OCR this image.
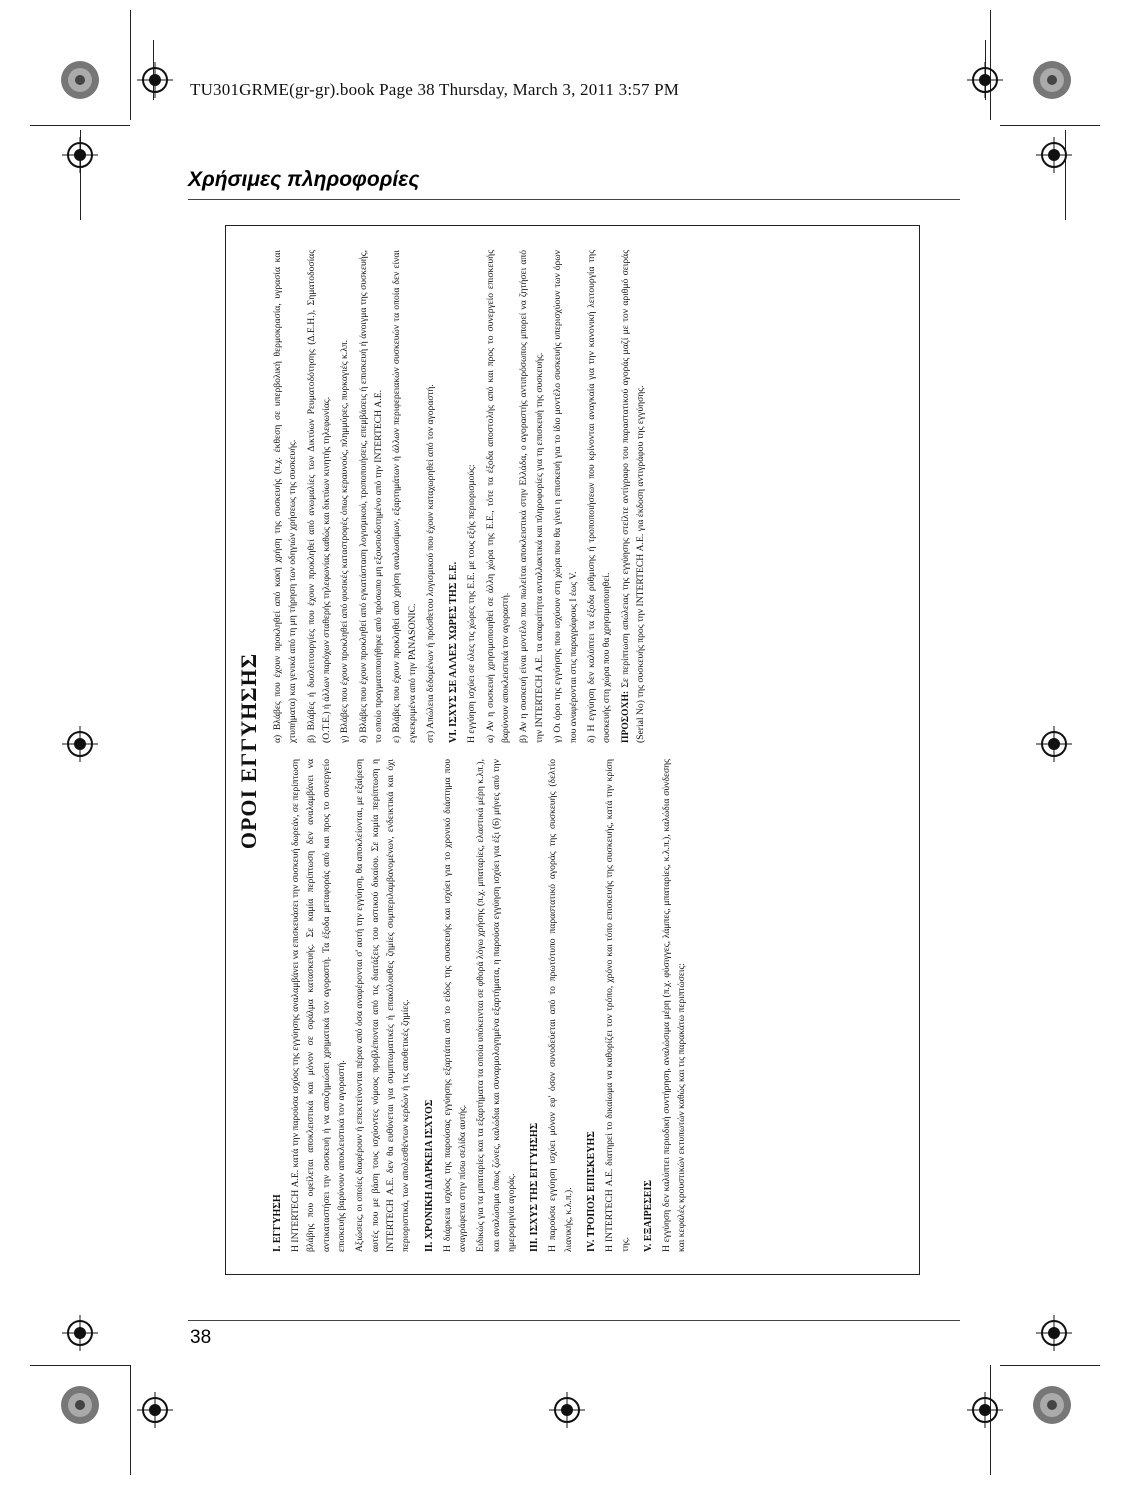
TU301GRME(gr-gr).book Page 38 Thursday, March 3, 2011 3:57 PM
Χρήσιμες πληροφορίες
ΟΡΟΙ ΕΓΓΥΗΣΗΣ
I. ΕΓΓΥΗΣΗ Η INTERTECH Α.Ε. κατά την παρούσα ισχύος της εγγύησης αναλαμβάνει να επισκευάσει την συσκευή δωρεάν, σε περίπτωση βλάβης που οφείλεται αποκλειστικά και μόνον σε σφάλμα κατασκευής. Σε καμία περίπτωση δεν αναλαμβάνει να αντικαταστήσει την συσκευή ή να αποζημιώσει χρηματικά τον αγοραστή. Τα έξοδα μεταφοράς από και προς το συνεργείο επισκευής βαρύνουν αποκλειστικά τον αγοραστή. Αξιώσεις, οι οποίες διαφέρουν ή επεκτείνονται πέραν από όσα αναφέρονται σ' αυτή την εγγύηση, θα αποκλείονται, με εξαίρεση αυτές που με βάση τους ισχύοντες νόμους προβλέπονται από τις διατάξεις του αστικού δικαίου. Σε καμία περίπτωση η INTERTECH Α.Ε. δεν θα ευθύνεται για συμπτωματικές ή επακόλουθες ζημίες συμπεριλαμβανομένων, ενδεικτικά και όχι περιοριστικά, των απολεσθέντων κερδών ή τις αποθετικές ζημίες. II. ΧΡΟΝΙΚΗ ΔΙΑΡΚΕΙΑ ΙΣΧΥΟΣ Η διάρκεια ισχύος της παρούσας εγγύησης εξαρτάται από το είδος της συσκευής και ισχύει για το χρονικό διάστημα που αναγράφεται στην πίσω σελίδα αυτής. Ειδικώς για τα μπαταρίες και τα εξαρτήματα τα οποία υπόκεινται σε φθορά λόγω χρήσης (π.χ. μπαταρίες, ελαστικά μέρη κ.λπ.), και αναλώσιμα όπως ζώνες, καλώδια και συναρμολογημένα εξαρτήματα, η παρούσα εγγύηση ισχύει για έξι (6) μήνες από την ημερομηνία αγοράς. III. ΙΣΧΥΣ ΤΗΣ ΕΓΓΥΗΣΗΣ Η παρούσα εγγύηση ισχύει μόνον εφ' όσον συνοδεύεται από το πρωτότυπο παραστατικό αγοράς της συσκευής (δελτίο λιανικής, κ.λ.π.). IV. ΤΡΟΠΟΣ ΕΠΙΣΚΕΥΗΣ Η INTERTECH Α.Ε. διατηρεί το δικαίωμα να καθορίζει τον τρόπο, χρόνο και τόπο επισκευής της συσκευής, κατά την κρίση της. V. ΕΞΑΙΡΕΣΕΙΣ Η εγγύηση δεν καλύπτει περιοδική συντήρηση, αναλώσιμα μέρη (π.χ. φύσιγγες, λάμπες, μπαταρίες, κ.λ.π.), καλώδια σύνδεσης και κεφαλές κρουστικών εκτυπωτών καθώς και τις παρακάτω περιπτώσεις:

α) Βλάβες που έχουν προκληθεί από κακή χρήση της συσκευής (π.χ. έκθεση σε υπερβολική θερμοκρασία, υγρασία και χτυπήματα) και γενικά από τη μη τήρηση των οδηγιών χρήσεως της συσκευής. β) Βλάβες ή δυσλειτουργίες που έχουν προκληθεί από ανωμαλίες των Δικτύων Ρευματοδότησης (Δ.Ε.Η.), Σηματοδοσίας (Ο.Τ.Ε.) ή άλλων παρόχων σταθερής τηλεφωνίας καθώς και δικτύων κινητής τηλεφωνίας. γ) Βλάβες που έχουν προκληθεί από φυσικές καταστροφές όπως κεραυνούς, πλημμύρες, πυρκαγιές κ.λπ. δ) Βλάβες που έχουν προκληθεί από εγκατάσταση λογισμικού, τροποποιήσεις, επεμβάσεις ή επισκευή ή άνοιγμα της συσκευής, το οποίο πραγματοποιήθηκε από πρόσωπο μη εξουσιοδοτημένο από την INTERTECH Α.Ε. ε) Βλάβες που έχουν προκληθεί από χρήση αναλωσίμων, εξαρτημάτων ή άλλων περιφερειακών συσκευών τα οποία δεν είναι εγκεκριμένα από την PANASONIC. στ) Απώλεια δεδομένων ή πρόσθετου λογισμικού που έχουν καταχωρηθεί από τον αγοραστή. VI. ΙΣΧΥΣ ΣΕ ΑΛΛΕΣ ΧΩΡΕΣ ΤΗΣ Ε.Ε. Η εγγύηση ισχύει σε όλες τις χώρες της Ε.Ε. με τους εξής περιορισμούς: α) Αν η συσκευή χρησιμοποιηθεί σε άλλη χώρα της Ε.Ε., τότε τα έξοδα αποστολής από και προς το συνεργείο επισκευής βαρύνουν αποκλειστικά τον αγοραστή. β) Αν η συσκευή είναι μοντέλο που πωλείται αποκλειστικά στην Ελλάδα, ο αγοραστής αντιπρόσωπος μπορεί να ζητήσει από την INTERTECH Α.Ε. τα απαραίτητα ανταλλακτικά και πληροφορίες για τη επισκευή της συσκευής. γ) Οι όροι της εγγύησης που ισχύουν στη χώρα που θα γίνει η επισκευή για το ίδιο μοντέλο συσκευής υπερισχύουν των όρων που αναφέρονται στις παραγράφους Ι έως V. δ) Η εγγύηση δεν καλύπτει τα έξοδα ρύθμισης ή τροποποιήσεων που κρίνονται αναγκαία για την κανονική λειτουργία της συσκευής στη χώρα που θα χρησιμοποιηθεί. ΠΡΟΣΟΧΗ: Σε περίπτωση απώλειας της εγγύησης στείλτε αντίγραφο του παραστατικού αγοράς μαζί με τον αριθμό σειράς (Serial No) της συσκευής προς την INTERTECH Α.Ε. για έκδοση αντιγράφου της εγγύησης.

38
